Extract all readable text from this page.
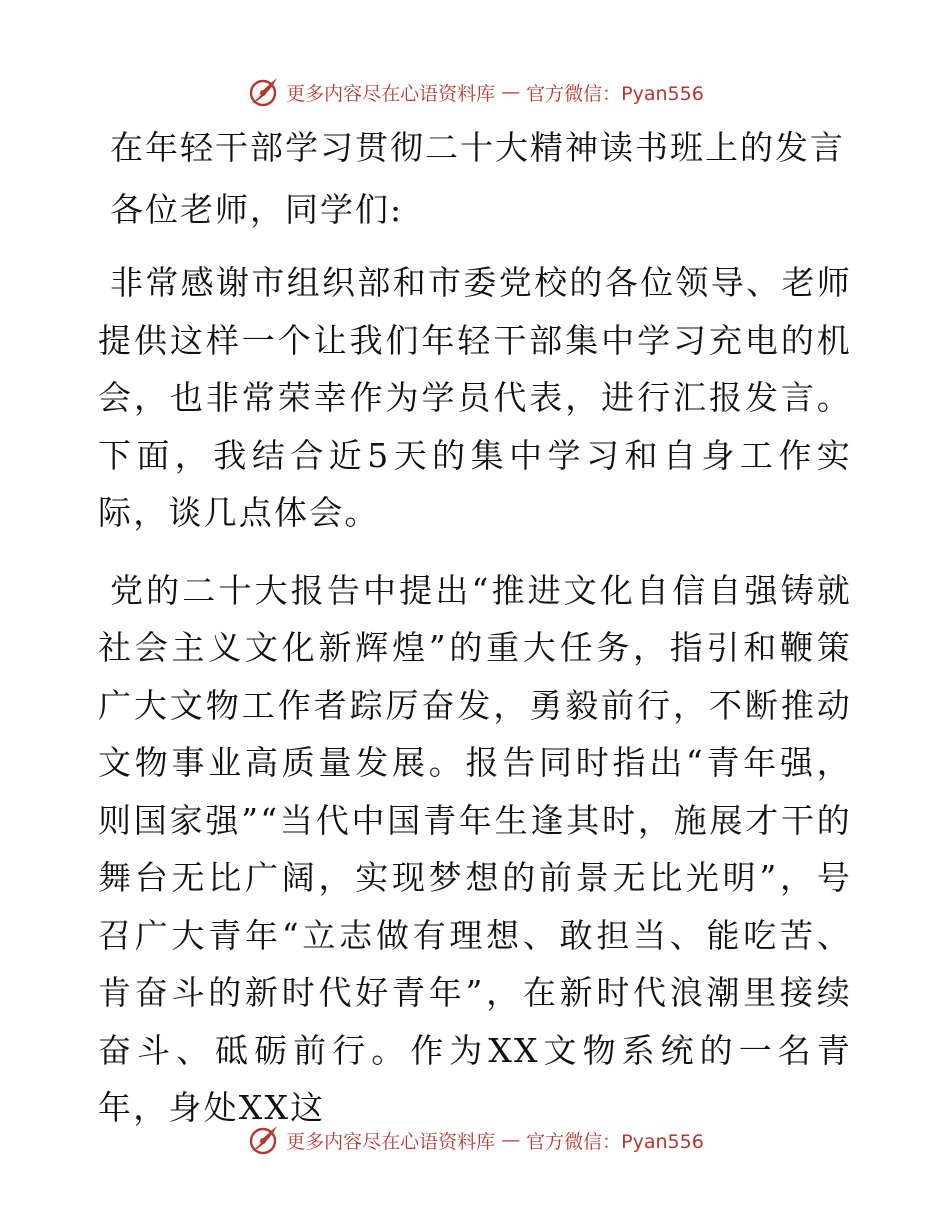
更多内容尽在心语资料库 — 官方微信：Pyan556
在年轻干部学习贯彻二十大精神读书班上的发言

各位老师，同学们:

非常感谢市组织部和市委党校的各位领导、老师提供这样一个让我们年轻干部集中学习充电的机会，也非常荣幸作为学员代表，进行汇报发言。下面，我结合近5天的集中学习和自身工作实际，谈几点体会。

党的二十大报告中提出“推进文化自信自强铸就社会主义文化新辉煌”的重大任务，指引和鞭策广大文物工作者踪厉奋发，勇毅前行，不断推动文物事业高质量发展。报告同时指出“青年强，则国家强”“当代中国青年生逢其时，施展才干的舞台无比广阔，实现梦想的前景无比光明”，号召广大青年“立志做有理想、敢担当、能吃苦、肯奋斗的新时代好青年”，在新时代浪潮里接续奋斗、砥砺前行。作为XX文物系统的一名青年，身处XX这

更多内容尽在心语资料库 — 官方微信：Pyan556
